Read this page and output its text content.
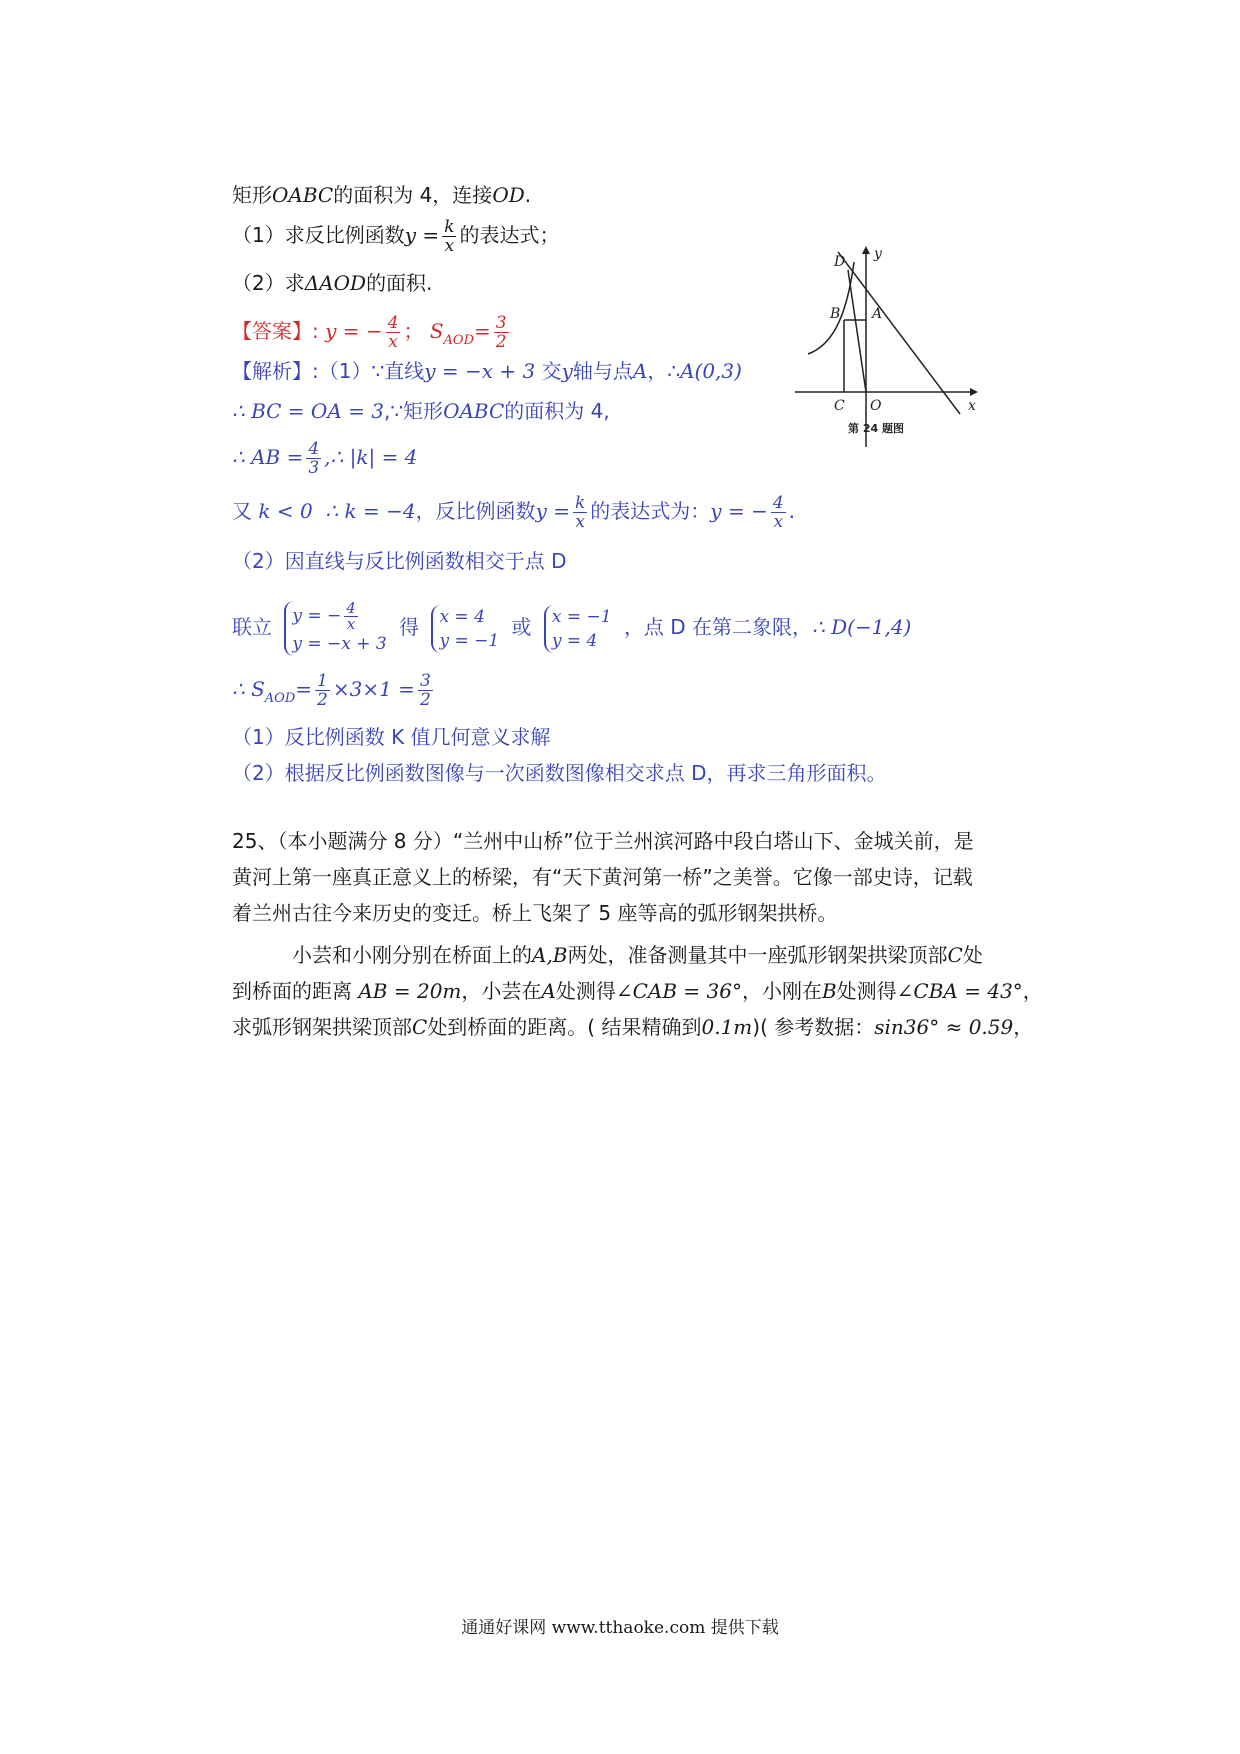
矩形OABC的面积为 4，连接OD.
（1）求反比例函数$y = \frac{k}{x}$ 的表达式；
（2）求ΔAOD的面积.
【答案】: y = − $\frac{4}{x}$ ； $S_{AOD}= \frac{3}{2}$
【解析】:（1）∵直线y = −x + 3 交y轴与点A，∴A(0,3)
∴ BC = OA = 3,∵矩形OABC的面积为 4,
∴ AB = $\frac{4}{3}$ ,∴ |k| = 4
又 k < 0 ∴ k = −4，反比例函数$y = \frac{k}{x}$ 的表达式为：y = − $\frac{4}{x}$ .
（2）因直线与反比例函数相交于点 D
联立 y = − $\frac{4}{x}$
y = −x + 3
得 x = 4
y = −1
或 x = −1
y = 4
，点 D 在第二象限，∴ D(−1,4)
∴ $S_{AOD}= \frac{1}{2} \times 3\times 1 = \frac{3}{2}$
（1）反比例函数 K 值几何意义求解
（2）根据反比例函数图像与一次函数图像相交求点 D，再求三角形面积。
25、（本小题满分 8 分）“兰州中山桥”位于兰州滨河路中段白塔山下、金城关前，是
黄河上第一座真正意义上的桥梁，有“天下黄河第一桥”之美誉。它像一部史诗，记载
着兰州古往今来历史的变迁。桥上飞架了 5 座等高的弧形钢架拱桥。
小芸和小刚分别在桥面上的A,B两处，准备测量其中一座弧形钢架拱梁顶部C处
到桥面的距离 AB = 20m，小芸在A处测得∠CAB = 36°，小刚在B处测得∠CBA = 43°，
求弧形钢架拱梁顶部C处到桥面的距离。( 结果精确到0.1m)( 参考数据：sin36° ≈ 0.59，
D y
B A
C O	x
第 24 题图
通通好课网 www.tthaoke.com 提供下载
